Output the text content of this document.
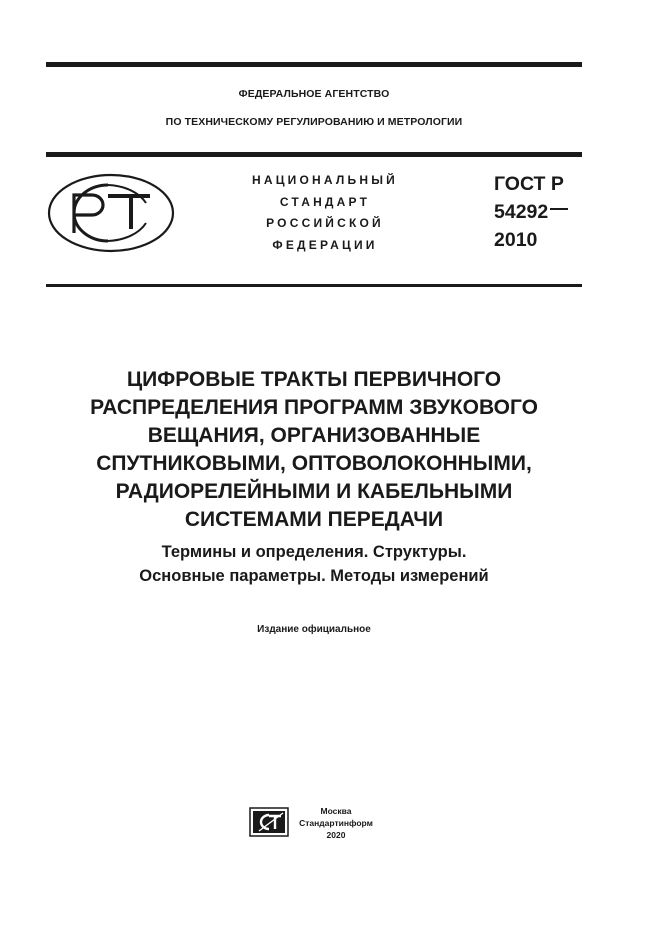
ФЕДЕРАЛЬНОЕ АГЕНТСТВО
ПО ТЕХНИЧЕСКОМУ РЕГУЛИРОВАНИЮ И МЕТРОЛОГИИ
НАЦИОНАЛЬНЫЙ
СТАНДАРТ
РОССИЙСКОЙ
ФЕДЕРАЦИИ
ГОСТ Р
54292
2010
ЦИФРОВЫЕ ТРАКТЫ ПЕРВИЧНОГО
РАСПРЕДЕЛЕНИЯ ПРОГРАММ ЗВУКОВОГО
ВЕЩАНИЯ, ОРГАНИЗОВАННЫЕ
СПУТНИКОВЫМИ, ОПТОВОЛОКОННЫМИ,
РАДИОРЕЛЕЙНЫМИ И КАБЕЛЬНЫМИ
СИСТЕМАМИ ПЕРЕДАЧИ
Термины и определения. Структуры.
Основные параметры. Методы измерений
Издание официальное
Москва
Стандартинформ
2020
